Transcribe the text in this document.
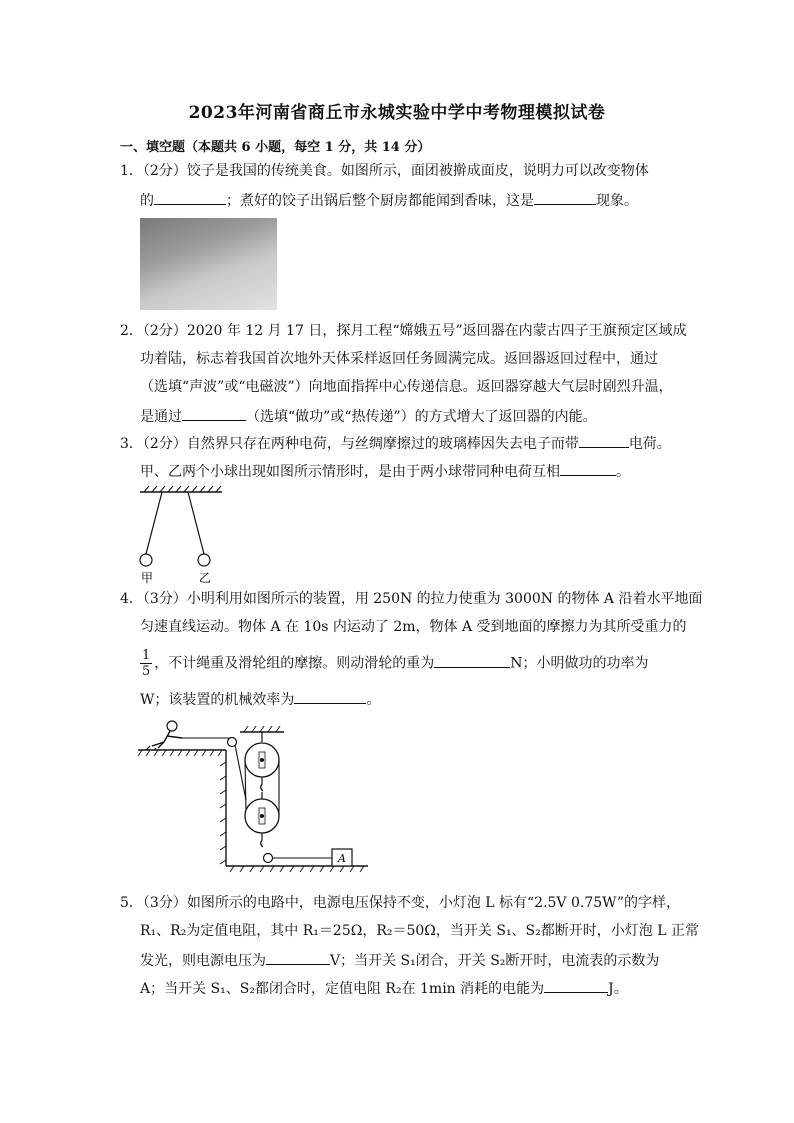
2023年河南省商丘市永城实验中学中考物理模拟试卷
一、填空题（本题共 6 小题，每空 1 分，共 14 分）
1．（2分）饺子是我国的传统美食。如图所示，面团被擀成面皮，说明力可以改变物体
的	；煮好的饺子出锅后整个厨房都能闻到香味，这是	现象。
2．（2分）2020 年 12 月 17 日，探月工程“嫦娥五号”返回器在内蒙古四子王旗预定区域成
功着陆，标志着我国首次地外天体采样返回任务圆满完成。返回器返回过程中，通过
（选填“声波”或“电磁波”）向地面指挥中心传递信息。返回器穿越大气层时剧烈升温，
是通过	（选填“做功”或“热传递”）的方式增大了返回器的内能。
3．（2分）自然界只存在两种电荷，与丝绸摩擦过的玻璃棒因失去电子而带	电荷。
甲、乙两个小球出现如图所示情形时，是由于两小球带同种电荷互相	。
甲	乙
4．（3分）小明利用如图所示的装置，用 250N 的拉力使重为 3000N 的物体 A 沿着水平地面
匀速直线运动。物体 A 在 10s 内运动了 2m，物体 A 受到地面的摩擦力为其所受重力的
$\frac{1}{5}$ ，不计绳重及滑轮组的摩擦。则动滑轮的重为	N；小明做功的功率为
W；该装置的机械效率为	。
A
5．（3分）如图所示的电路中，电源电压保持不变，小灯泡 L 标有“2.5V 0.75W”的字样，
R₁、R₂为定值电阻，其中 R₁＝25Ω，R₂＝50Ω，当开关 S₁、S₂都断开时，小灯泡 L 正常
发光，则电源电压为	V；当开关 S₁闭合，开关 S₂断开时，电流表的示数为
A；当开关 S₁、S₂都闭合时，定值电阻 R₂在 1min 消耗的电能为	J。
